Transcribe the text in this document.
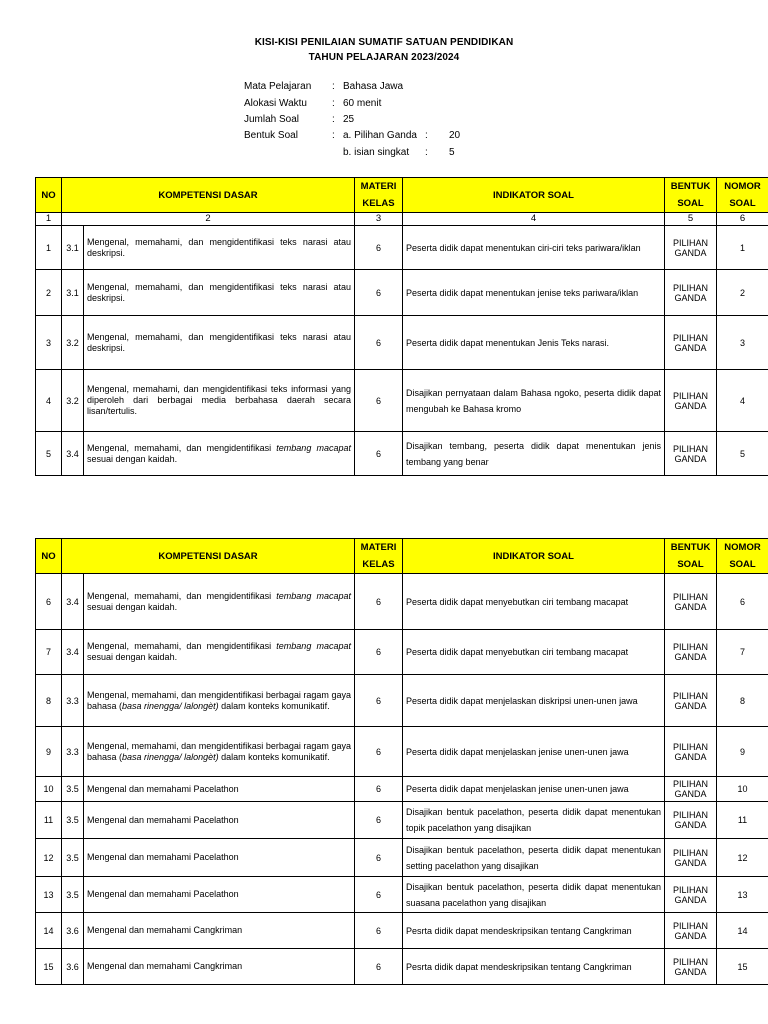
KISI-KISI PENILAIAN SUMATIF SATUAN PENDIDIKAN
TAHUN PELAJARAN 2023/2024
Mata Pelajaran : Bahasa Jawa
Alokasi Waktu	: 60 menit
Jumlah Soal	: 25
Bentuk Soal	: a. Pilihan Ganda : 20
b. isian singkat : 5
NO	KOMPETENSI DASAR		MATERI KELAS	INDIKATOR SOAL	BENTUK SOAL	NOMOR SOAL
1	2		3	4	5	6
1	3.1	Mengenal, memahami, dan mengidentifikasi teks narasi atau deskripsi.	6	Peserta didik dapat menentukan ciri-ciri teks pariwara/iklan	PILIHAN GANDA	1
2	3.1	Mengenal, memahami, dan mengidentifikasi teks narasi atau deskripsi.	6	Peserta didik dapat menentukan jenise teks pariwara/iklan	PILIHAN GANDA	2
3	3.2	Mengenal, memahami, dan mengidentifikasi teks narasi atau deskripsi.	6	Peserta didik dapat menentukan Jenis Teks narasi.	PILIHAN GANDA	3
4	3.2	Mengenal, memahami, dan mengidentifikasi teks informasi yang diperoleh dari berbagai media berbahasa daerah secara lisan/tertulis.	6	Disajikan pernyataan dalam Bahasa ngoko, peserta didik dapat mengubah ke Bahasa kromo	PILIHAN GANDA	4
5	3.4	Mengenal, memahami, dan mengidentifikasi tembang macapat sesuai dengan kaidah.	6	Disajikan tembang, peserta didik dapat menentukan jenis tembang yang benar	PILIHAN GANDA	5
NO	KOMPETENSI DASAR		MATERI KELAS	INDIKATOR SOAL	BENTUK SOAL	NOMOR SOAL
6	3.4	Mengenal, memahami, dan mengidentifikasi tembang macapat sesuai dengan kaidah.	6	Peserta didik dapat menyebutkan ciri tembang macapat	PILIHAN GANDA	6
7	3.4	Mengenal, memahami, dan mengidentifikasi tembang macapat sesuai dengan kaidah.	6	Peserta didik dapat menyebutkan ciri tembang macapat	PILIHAN GANDA	7
8	3.3	Mengenal, memahami, dan mengidentifikasi berbagai ragam gaya bahasa (basa rinengga/ lalongèt) dalam konteks komunikatif.	6	Peserta didik dapat menjelaskan diskripsi unen-unen jawa	PILIHAN GANDA	8
9	3.3	Mengenal, memahami, dan mengidentifikasi berbagai ragam gaya bahasa (basa rinengga/ lalongèt) dalam konteks komunikatif.	6	Peserta didik dapat menjelaskan jenise unen-unen jawa	PILIHAN GANDA	9
10	3.5	Mengenal dan memahami Pacelathon	6	Peserta didik dapat menjelaskan jenise unen-unen jawa	PILIHAN GANDA	10
11	3.5	Mengenal dan memahami Pacelathon	6	Disajikan bentuk pacelathon, peserta didik dapat menentukan topik pacelathon yang disajikan	PILIHAN GANDA	11
12	3.5	Mengenal dan memahami Pacelathon	6	Disajikan bentuk pacelathon, peserta didik dapat menentukan setting pacelathon yang disajikan	PILIHAN GANDA	12
13	3.5	Mengenal dan memahami Pacelathon	6	Disajikan bentuk pacelathon, peserta didik dapat menentukan suasana pacelathon yang disajikan	PILIHAN GANDA	13
14	3.6	Mengenal dan memahami Cangkriman	6	Pesrta didik dapat mendeskripsikan tentang Cangkriman	PILIHAN GANDA	14
15	3.6	Mengenal dan memahami Cangkriman	6	Pesrta didik dapat mendeskripsikan tentang Cangkriman	PILIHAN GANDA	15
